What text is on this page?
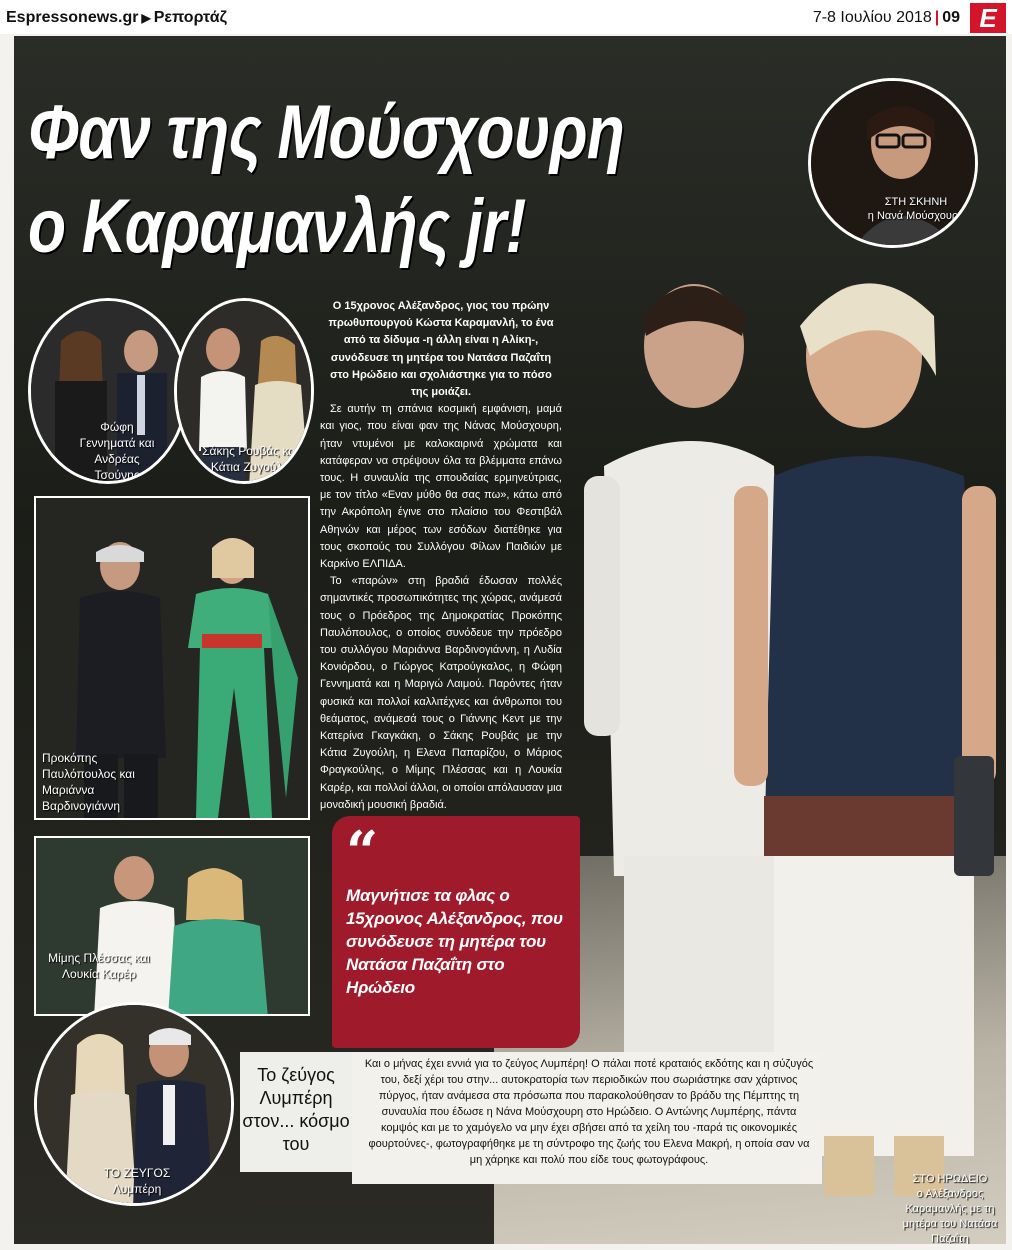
Espressonews.gr ▶ Ρεπορτάζ	7-8 Ιουλίου 2018 | 09 E
Φαν της Μούσχουρη
ο Καραμανλής jr!	ΣΤΗ ΣΚΗΝΗ
η Νανά Μούσχουρη
Φώφη Γεννηματά και Ανδρέας Τσούνης
Σάκης Ρουβάς και Κάτια Ζυγούλη
Προκόπης Παυλόπουλος και Μαριάννα Βαρδινογιάννη

Ο 15χρονος Αλέξανδρος, γιος του πρώην πρωθυπουργού Κώστα Καραμανλή, το ένα από τα δίδυμα -η άλλη είναι η Αλίκη-, συνόδευσε τη μητέρα του Νατάσα Παζαΐτη στο Ηρώδειο και σχολιάστηκε για το πόσο της μοιάζει.

Σε αυτήν τη σπάνια κοσμική εμφάνιση, μαμά και γιος, που είναι φαν της Νάνας Μούσχουρη, ήταν ντυμένοι με καλοκαιρινά χρώματα και κατάφεραν να στρέψουν όλα τα βλέμματα επάνω τους. Η συναυλία της σπουδαίας ερμηνεύτριας, με τον τίτλο «Εναν μύθο θα σας πω», κάτω από την Ακρόπολη έγινε στο πλαίσιο του Φεστιβάλ Αθηνών και μέρος των εσόδων διατέθηκε για τους σκοπούς του Συλλόγου Φίλων Παιδιών με Καρκίνο ΕΛΠΙΔΑ.

Το «παρών» στη βραδιά έδωσαν πολλές σημαντικές προσωπικότητες της χώρας, ανάμεσά τους ο Πρόεδρος της Δημοκρατίας Προκόπης Παυλόπουλος, ο οποίος συνόδευε την πρόεδρο του συλλόγου Μαριάννα Βαρδινογιάννη, η Λυδία Κονιόρδου, ο Γιώργος Κατρούγκαλος, η Φώφη Γεννηματά και η Μαριγώ Λαιμού. Παρόντες ήταν φυσικά και πολλοί καλλιτέχνες και άνθρωποι του θεάματος, ανάμεσά τους ο Γιάννης Κεντ με την Κατερίνα Γκαγκάκη, ο Σάκης Ρουβάς με την Κάτια Ζυγούλη, η Ελενα Παπαρίζου, ο Μάριος Φραγκούλης, ο Μίμης Πλέσσας και η Λουκία Καρέρ, και πολλοί άλλοι, οι οποίοι απόλαυσαν μια μοναδική μουσική βραδιά.

“
Μαγνήτισε τα φλας ο 15χρονος Αλέξανδρος, που συνόδευσε τη μητέρα του Νατάσα Παζαΐτη στο Ηρώδειο
Μίμης Πλέσσας και Λουκία Καρέρ
ΤΟ ΖΕΥΓΟΣ
Λυμπέρη
Το ζεύγος Λυμπέρη στον... κόσμο του
Και ο μήνας έχει εννιά για το ζεύγος Λυμπέρη! Ο πάλαι ποτέ κραταιός εκδότης και η σύζυγός του, δεξί χέρι του στην... αυτοκρατορία των περιοδικών που σωριάστηκε σαν χάρτινος πύργος, ήταν ανάμεσα στα πρόσωπα που παρακολούθησαν το βράδυ της Πέμπτης τη συναυλία που έδωσε η Νάνα Μούσχουρη στο Ηρώδειο. Ο Αντώνης Λυμπέρης, πάντα κομψός και με το χαμόγελο να μην έχει σβήσει από τα χείλη του -παρά τις οικονομικές φουρτούνες-, φωτογραφήθηκε με τη σύντροφο της ζωής του Ελενα Μακρή, η οποία σαν να μη χάρηκε και πολύ που είδε τους φωτογράφους.
ΣΤΟ ΗΡΩΔΕΙΟ
ο Αλέξανδρος Καραμανλής με τη μητέρα του Νατάσα Παζαΐτη
